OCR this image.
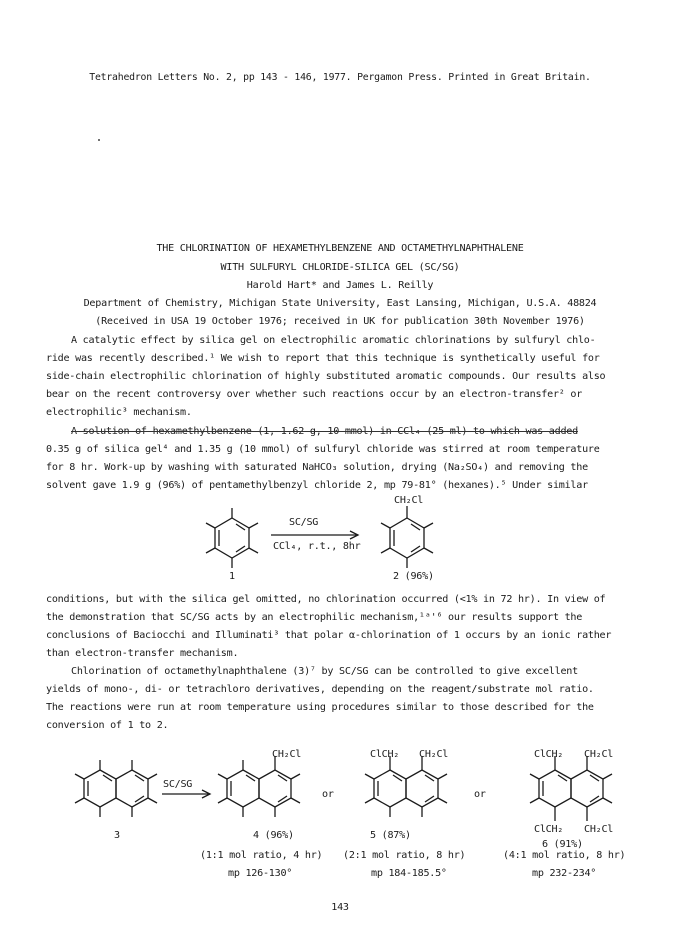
Tetrahedron Letters No. 2, pp 143 - 146, 1977. Pergamon Press. Printed in Great Britain.
THE CHLORINATION OF HEXAMETHYLBENZENE AND OCTAMETHYLNAPHTHALENE
WITH SULFURYL CHLORIDE-SILICA GEL (SC/SG)
Harold Hart* and James L. Reilly
Department of Chemistry, Michigan State University, East Lansing, Michigan, U.S.A. 48824
(Received in USA 19 October 1976; received in UK for publication 30th November 1976)
A catalytic effect by silica gel on electrophilic aromatic chlorinations by sulfuryl chlo-
ride was recently described.¹ We wish to report that this technique is synthetically useful for
side-chain electrophilic chlorination of highly substituted aromatic compounds. Our results also
bear on the recent controversy over whether such reactions occur by an electron-transfer² or
electrophilic³ mechanism.
A solution of hexamethylbenzene (1, 1.62 g, 10 mmol) in CCl₄ (25 ml) to which was added
0.35 g of silica gel⁴ and 1.35 g (10 mmol) of sulfuryl chloride was stirred at room temperature
for 8 hr. Work-up by washing with saturated NaHCO₃ solution, drying (Na₂SO₄) and removing the
solvent gave 1.9 g (96%) of pentamethylbenzyl chloride 2, mp 79-81° (hexanes).⁵ Under similar
SC/SG
CCl₄, r.t., 8hr
CH₂Cl
1	2 (96%)
conditions, but with the silica gel omitted, no chlorination occurred (<1% in 72 hr). In view of
the demonstration that SC/SG acts by an electrophilic mechanism,¹ᵃ'⁶ our results support the
conclusions of Baciocchi and Illuminati³ that polar α-chlorination of 1 occurs by an ionic rather
than electron-transfer mechanism.
Chlorination of octamethylnaphthalene (3)⁷ by SC/SG can be controlled to give excellent
yields of mono-, di- or tetrachloro derivatives, depending on the reagent/substrate mol ratio.
The reactions were run at room temperature using procedures similar to those described for the
conversion of 1 to 2.
SC/SG
CH₂Cl
or
ClCH₂ CH₂Cl
or
ClCH₂ CH₂Cl
ClCH₂ CH₂Cl
3	4 (96%)	5 (87%)
6 (91%)
(1:1 mol ratio, 4 hr) (2:1 mol ratio, 8 hr)	(4:1 mol ratio, 8 hr)
mp 126-130°	mp 184-185.5°	mp 232-234°
143
